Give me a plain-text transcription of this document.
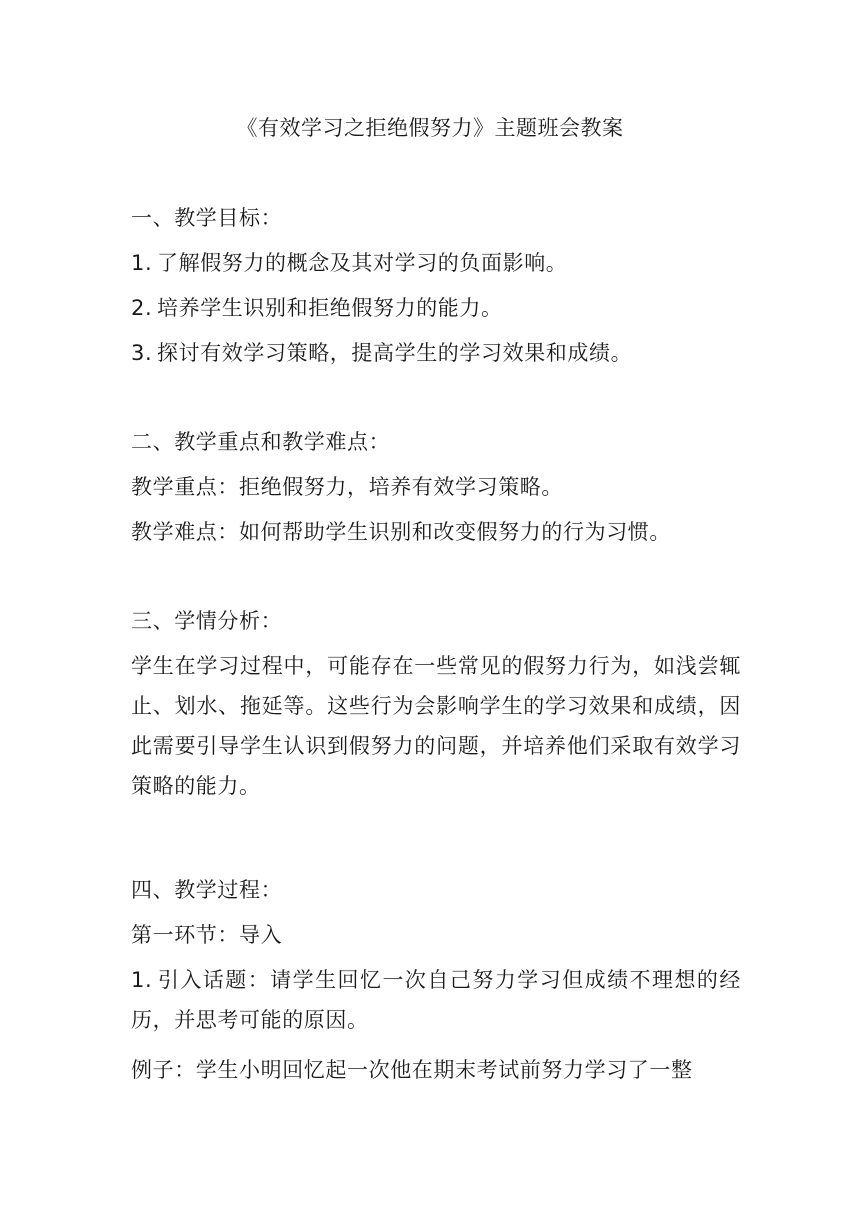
《有效学习之拒绝假努力》主题班会教案
一、教学目标：
1. 了解假努力的概念及其对学习的负面影响。
2. 培养学生识别和拒绝假努力的能力。
3. 探讨有效学习策略，提高学生的学习效果和成绩。
二、教学重点和教学难点：
教学重点：拒绝假努力，培养有效学习策略。
教学难点：如何帮助学生识别和改变假努力的行为习惯。
三、学情分析：
学生在学习过程中，可能存在一些常见的假努力行为，如浅尝辄止、划水、拖延等。这些行为会影响学生的学习效果和成绩，因此需要引导学生认识到假努力的问题，并培养他们采取有效学习策略的能力。
四、教学过程：
第一环节：导入
1. 引入话题：请学生回忆一次自己努力学习但成绩不理想的经历，并思考可能的原因。
例子：学生小明回忆起一次他在期末考试前努力学习了一整
